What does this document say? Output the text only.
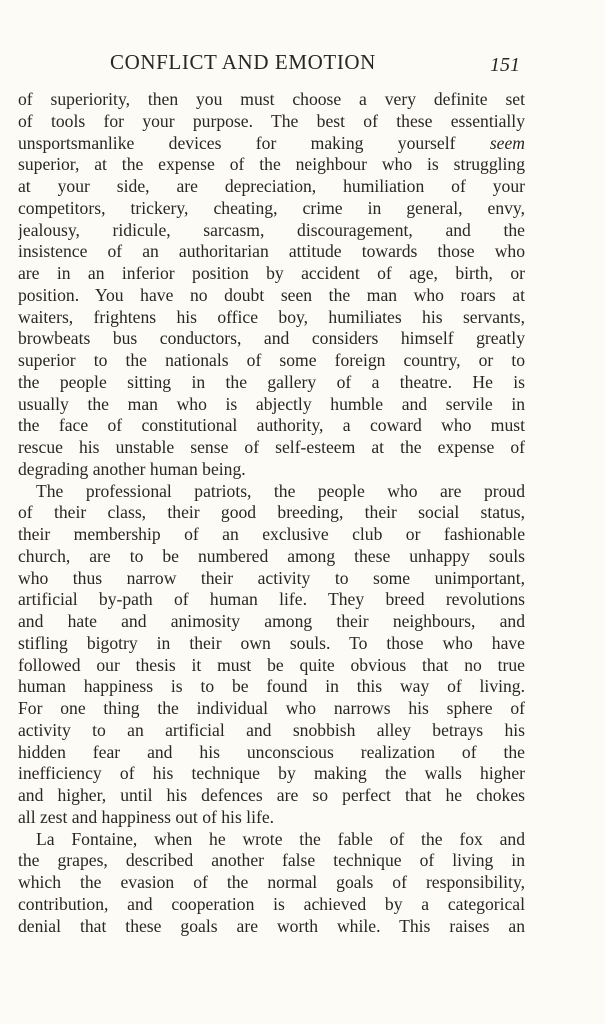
CONFLICT AND EMOTION	151
of superiority, then you must choose a very definite set
of tools for your purpose. The best of these essentially
unsportsmanlike devices for making yourself seem
superior, at the expense of the neighbour who is struggling
at your side, are depreciation, humiliation of your
competitors, trickery, cheating, crime in general, envy,
jealousy, ridicule, sarcasm, discouragement, and the
insistence of an authoritarian attitude towards those who
are in an inferior position by accident of age, birth, or
position. You have no doubt seen the man who roars at
waiters, frightens his office boy, humiliates his servants,
browbeats bus conductors, and considers himself greatly
superior to the nationals of some foreign country, or to
the people sitting in the gallery of a theatre. He is
usually the man who is abjectly humble and servile in
the face of constitutional authority, a coward who must
rescue his unstable sense of self-esteem at the expense of
degrading another human being.
The professional patriots, the people who are proud
of their class, their good breeding, their social status,
their membership of an exclusive club or fashionable
church, are to be numbered among these unhappy souls
who thus narrow their activity to some unimportant,
artificial by-path of human life. They breed revolutions
and hate and animosity among their neighbours, and
stifling bigotry in their own souls. To those who have
followed our thesis it must be quite obvious that no true
human happiness is to be found in this way of living.
For one thing the individual who narrows his sphere of
activity to an artificial and snobbish alley betrays his
hidden fear and his unconscious realization of the
inefficiency of his technique by making the walls higher
and higher, until his defences are so perfect that he chokes
all zest and happiness out of his life.
La Fontaine, when he wrote the fable of the fox and
the grapes, described another false technique of living in
which the evasion of the normal goals of responsibility,
contribution, and cooperation is achieved by a categorical
denial that these goals are worth while. This raises an
